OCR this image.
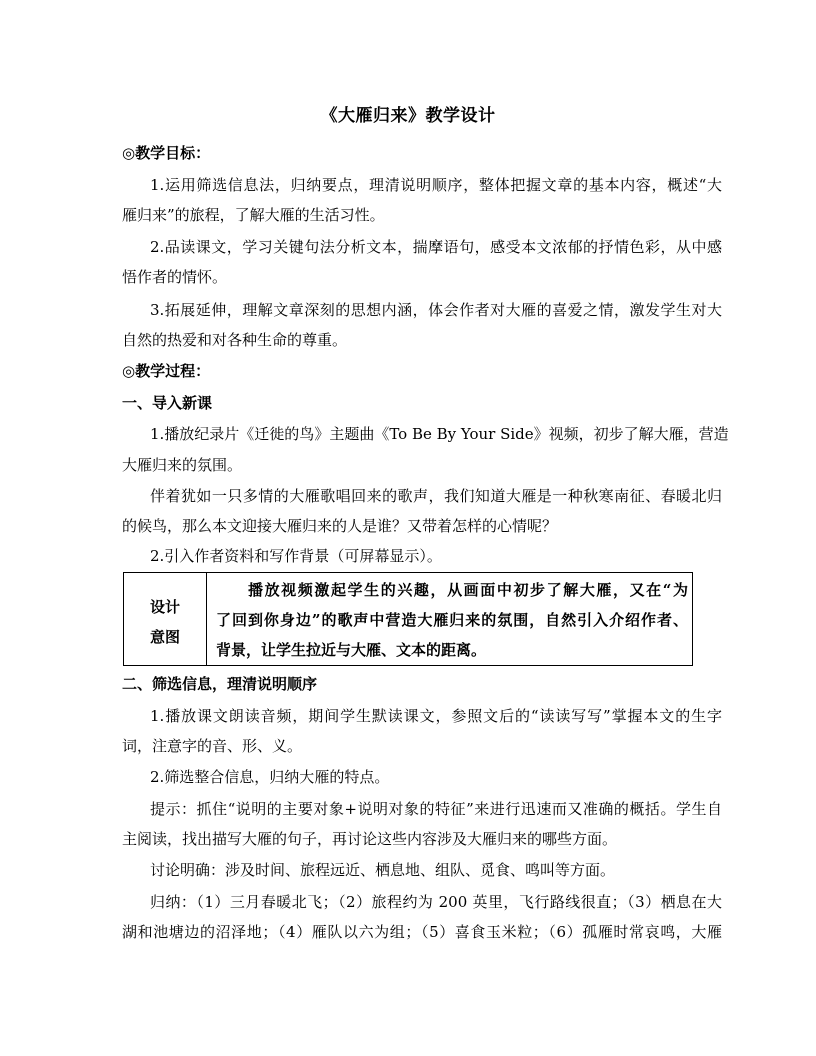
《大雁归来》教学设计
◎教学目标：
1.运用筛选信息法，归纳要点，理清说明顺序，整体把握文章的基本内容，概述“大
雁归来”的旅程，了解大雁的生活习性。
2.品读课文，学习关键句法分析文本，揣摩语句，感受本文浓郁的抒情色彩，从中感
悟作者的情怀。
3.拓展延伸，理解文章深刻的思想内涵，体会作者对大雁的喜爱之情，激发学生对大
自然的热爱和对各种生命的尊重。
◎教学过程：
一、导入新课
1.播放纪录片《迁徙的鸟》主题曲《To Be By Your Side》视频，初步了解大雁，营造
大雁归来的氛围。
伴着犹如一只多情的大雁歌唱回来的歌声，我们知道大雁是一种秋寒南征、春暖北归
的候鸟，那么本文迎接大雁归来的人是谁？又带着怎样的心情呢？
2.引入作者资料和写作背景（可屏幕显示）。
设计
意图
播放视频激起学生的兴趣，从画面中初步了解大雁，又在“为
了回到你身边”的歌声中营造大雁归来的氛围，自然引入介绍作者、
背景，让学生拉近与大雁、文本的距离。
二、筛选信息，理清说明顺序
1.播放课文朗读音频，期间学生默读课文，参照文后的“读读写写”掌握本文的生字
词，注意字的音、形、义。
2.筛选整合信息，归纳大雁的特点。
提示：抓住“说明的主要对象+说明对象的特征”来进行迅速而又准确的概括。学生自
主阅读，找出描写大雁的句子，再讨论这些内容涉及大雁归来的哪些方面。
讨论明确：涉及时间、旅程远近、栖息地、组队、觅食、鸣叫等方面。
归纳：（1）三月春暖北飞；（2）旅程约为 200 英里，飞行路线很直；（3）栖息在大
湖和池塘边的沼泽地；（4）雁队以六为组；（5）喜食玉米粒；（6）孤雁时常哀鸣，大雁
